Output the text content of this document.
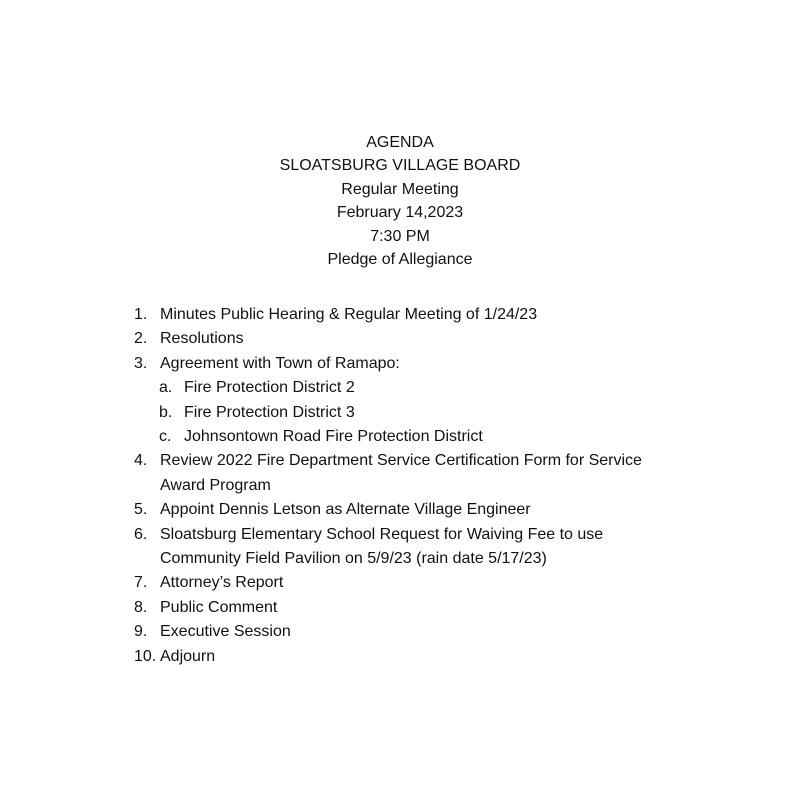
AGENDA
SLOATSBURG VILLAGE BOARD
Regular Meeting
February 14,2023
7:30 PM
Pledge of Allegiance
1. Minutes Public Hearing & Regular Meeting of 1/24/23
2. Resolutions
3. Agreement with Town of Ramapo:
a. Fire Protection District 2
b. Fire Protection District 3
c. Johnsontown Road Fire Protection District
4. Review 2022 Fire Department Service Certification Form for Service
Award Program
5. Appoint Dennis Letson as Alternate Village Engineer
6. Sloatsburg Elementary School Request for Waiving Fee to use
Community Field Pavilion on 5/9/23 (rain date 5/17/23)
7. Attorney’s Report
8. Public Comment
9. Executive Session
10. Adjourn
